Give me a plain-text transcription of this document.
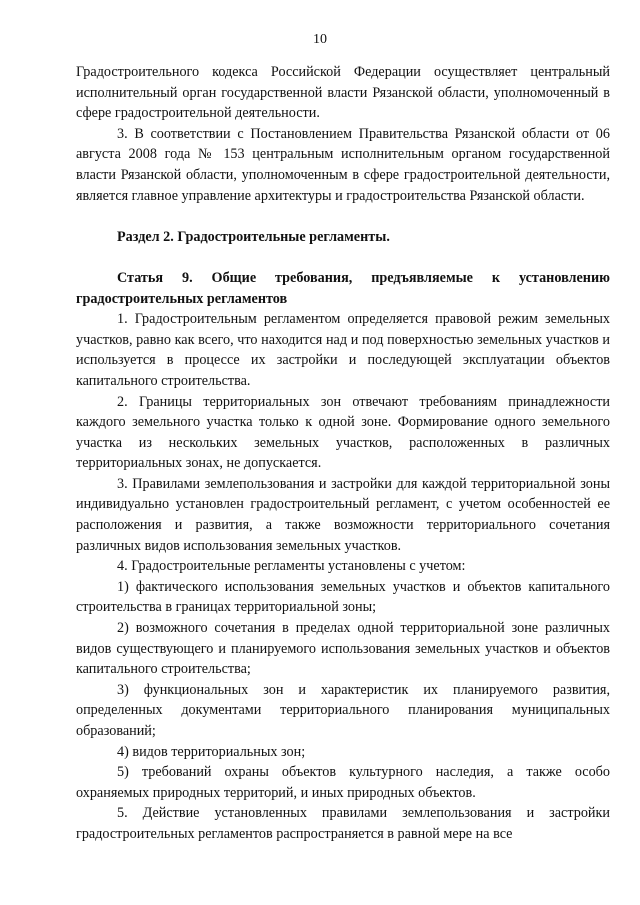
10

Градостроительного кодекса Российской Федерации осуществляет центральный исполнительный орган государственной власти Рязанской области, уполномоченный в сфере градостроительной деятельности.

3. В соответствии с Постановлением Правительства Рязанской области от 06 августа 2008 года № 153 центральным исполнительным органом государственной власти Рязанской области, уполномоченным в сфере градостроительной деятельности, является главное управление архитектуры и градостроительства Рязанской области.

Раздел 2. Градостроительные регламенты.

Статья 9. Общие требования, предъявляемые к установлению градостроительных регламентов

1. Градостроительным регламентом определяется правовой режим земельных участков, равно как всего, что находится над и под поверхностью земельных участков и используется в процессе их застройки и последующей эксплуатации объектов капитального строительства.

2. Границы территориальных зон отвечают требованиям принадлежности каждого земельного участка только к одной зоне. Формирование одного земельного участка из нескольких земельных участков, расположенных в различных территориальных зонах, не допускается.

3. Правилами землепользования и застройки для каждой территориальной зоны индивидуально установлен градостроительный регламент, с учетом особенностей ее расположения и развития, а также возможности территориального сочетания различных видов использования земельных участков.

4. Градостроительные регламенты установлены с учетом:

1) фактического использования земельных участков и объектов капитального строительства в границах территориальной зоны;

2) возможного сочетания в пределах одной территориальной зоне различных видов существующего и планируемого использования земельных участков и объектов капитального строительства;

3) функциональных зон и характеристик их планируемого развития, определенных документами территориального планирования муниципальных образований;

4) видов территориальных зон;

5) требований охраны объектов культурного наследия, а также особо охраняемых природных территорий, и иных природных объектов.

5. Действие установленных правилами землепользования и застройки градостроительных регламентов распространяется в равной мере на все
